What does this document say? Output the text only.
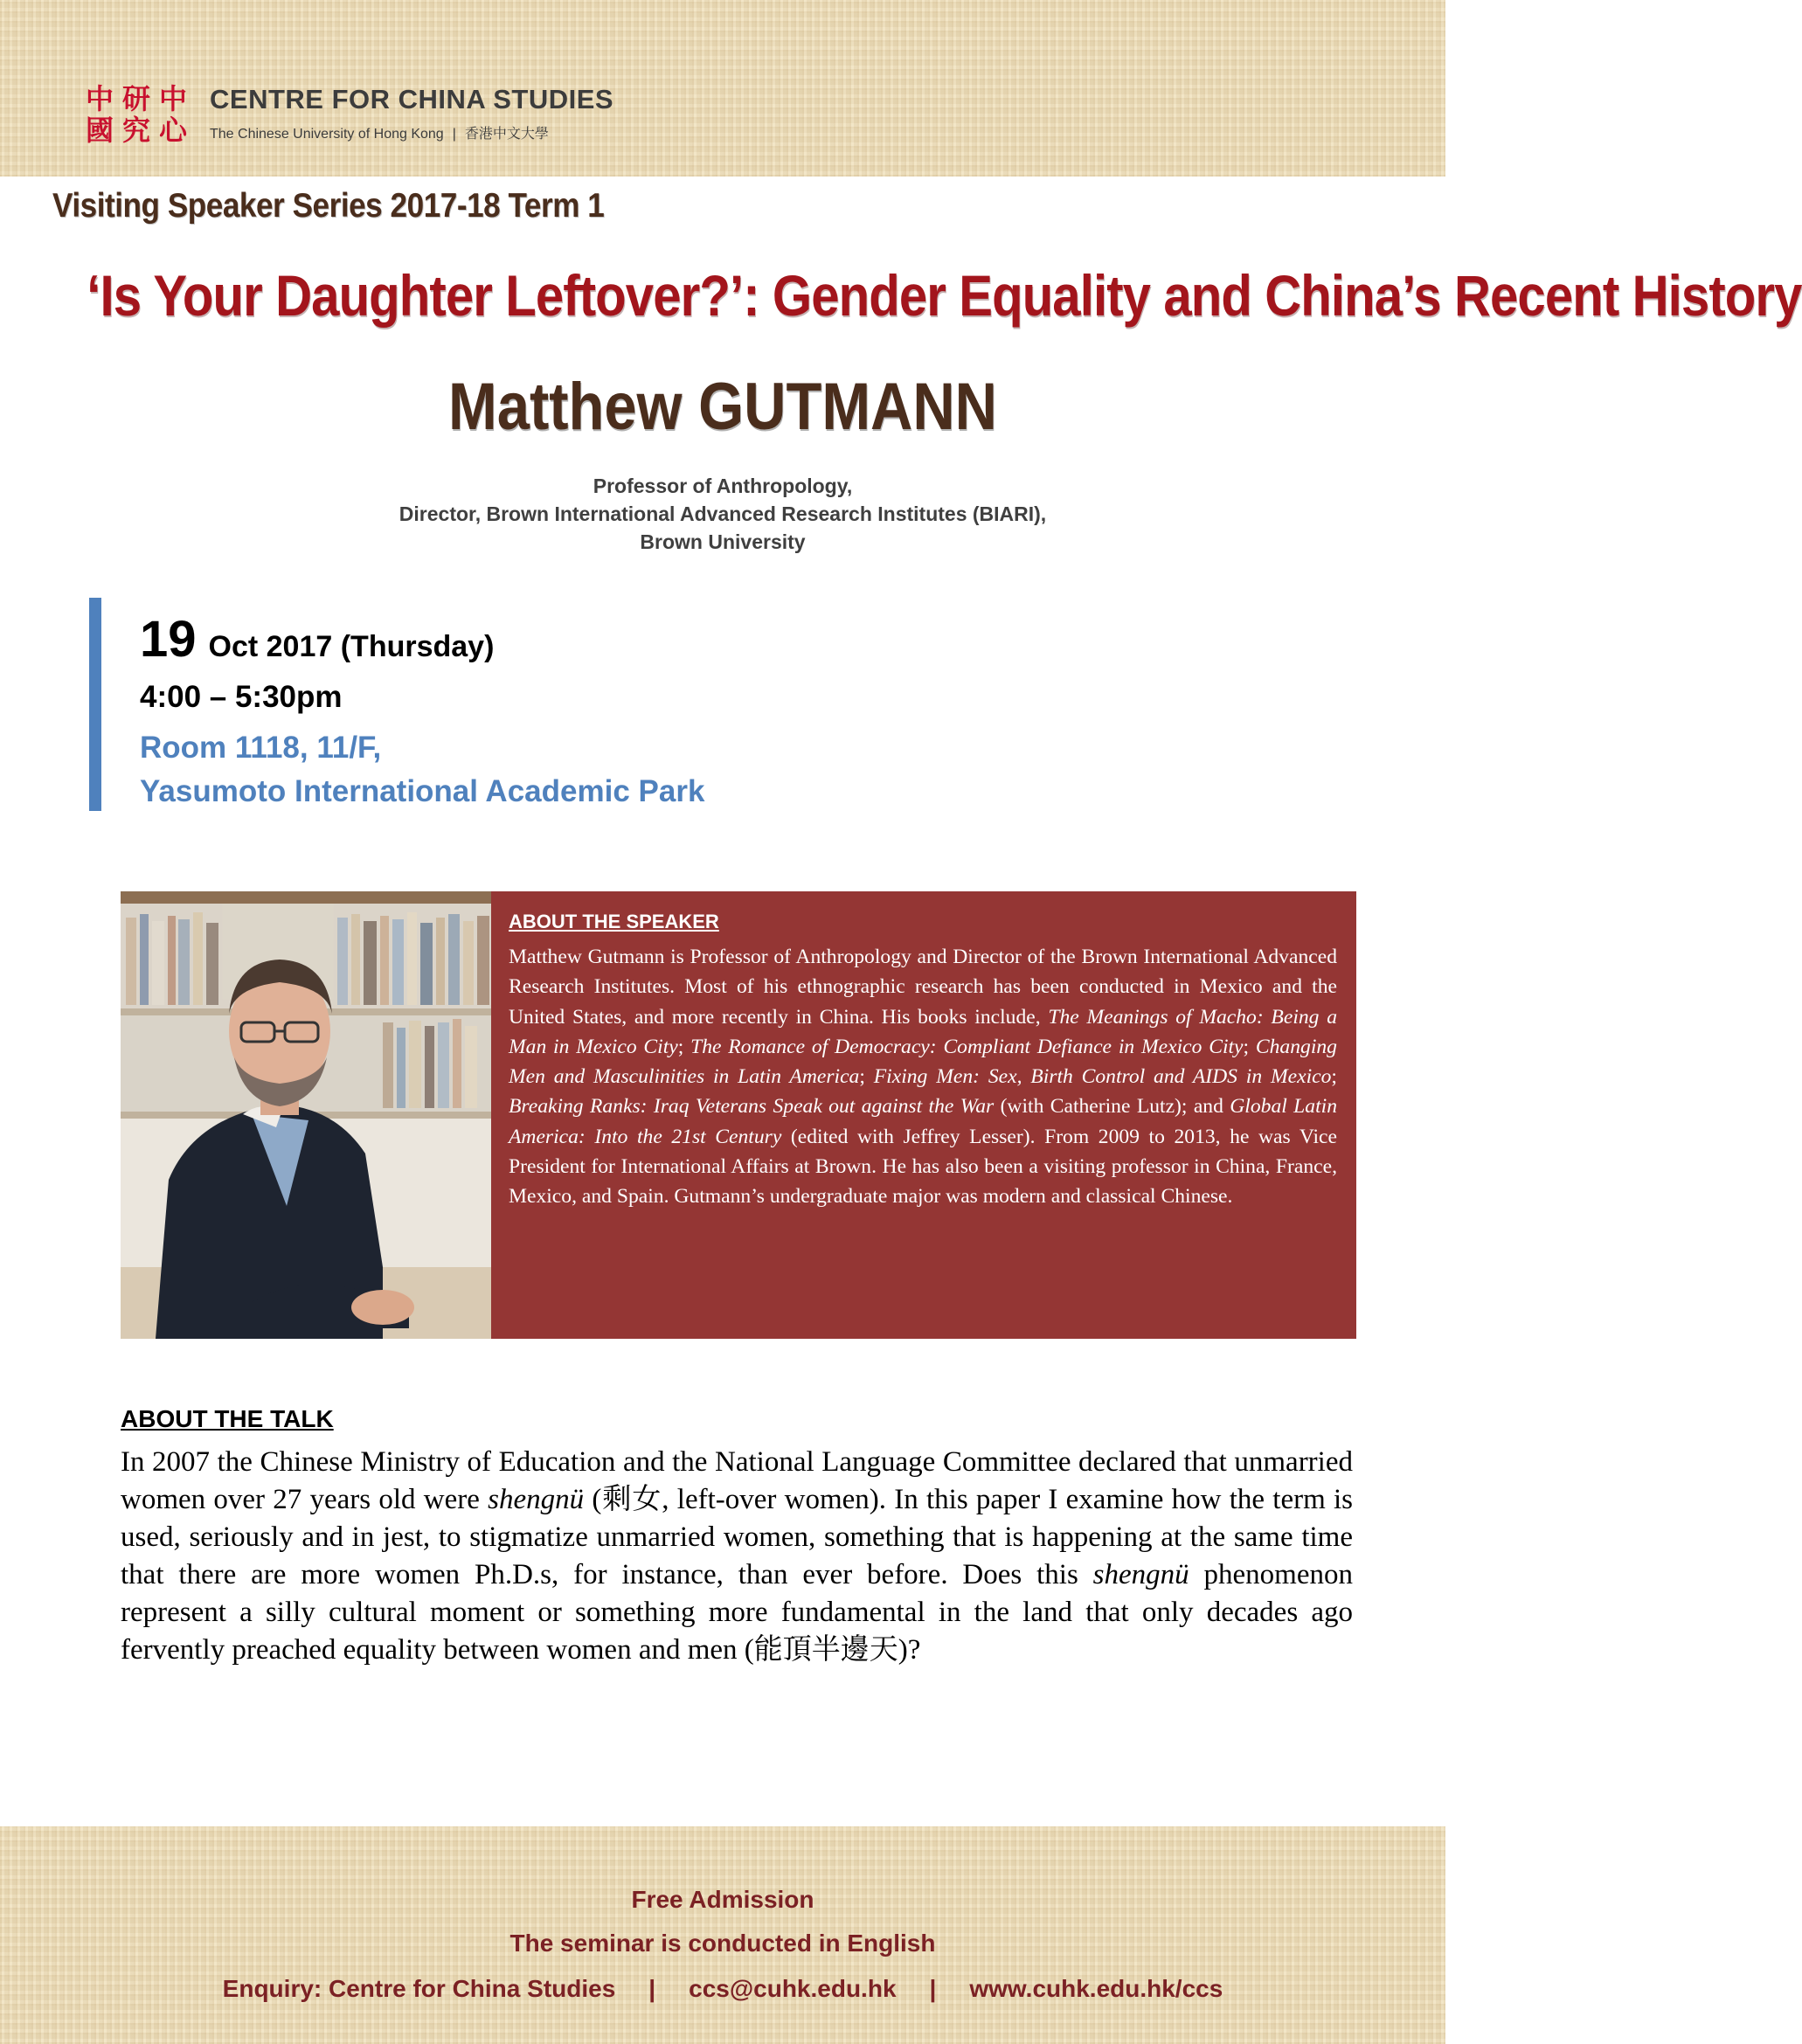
中 研 中
國 究 心
CENTRE FOR CHINA STUDIES
The Chinese University of Hong Kong | 香港中文大學
Visiting Speaker Series 2017-18 Term 1
‘Is Your Daughter Leftover?’: Gender Equality and China’s Recent History
Matthew GUTMANN
Professor of Anthropology,
Director, Brown International Advanced Research Institutes (BIARI),
Brown University
19 Oct 2017 (Thursday)
4:00 – 5:30pm
Room 1118, 11/F,
Yasumoto International Academic Park
ABOUT THE SPEAKER
Matthew Gutmann is Professor of Anthropology and Director of the Brown International Advanced Research Institutes. Most of his ethnographic research has been conducted in Mexico and the United States, and more recently in China. His books include, The Meanings of Macho: Being a Man in Mexico City; The Romance of Democracy: Compliant Defiance in Mexico City; Changing Men and Masculinities in Latin America; Fixing Men: Sex, Birth Control and AIDS in Mexico; Breaking Ranks: Iraq Veterans Speak out against the War (with Catherine Lutz); and Global Latin America: Into the 21st Century (edited with Jeffrey Lesser). From 2009 to 2013, he was Vice President for International Affairs at Brown. He has also been a visiting professor in China, France, Mexico, and Spain. Gutmann’s undergraduate major was modern and classical Chinese.
ABOUT THE TALK
In 2007 the Chinese Ministry of Education and the National Language Committee declared that unmarried women over 27 years old were shengnü (剩女, left-over women). In this paper I examine how the term is used, seriously and in jest, to stigmatize unmarried women, something that is happening at the same time that there are more women Ph.D.s, for instance, than ever before. Does this shengnü phenomenon represent a silly cultural moment or something more fundamental in the land that only decades ago fervently preached equality between women and men (能頂半邊天)?
Free Admission
The seminar is conducted in English
Enquiry: Centre for China Studies | ccs@cuhk.edu.hk | www.cuhk.edu.hk/ccs
